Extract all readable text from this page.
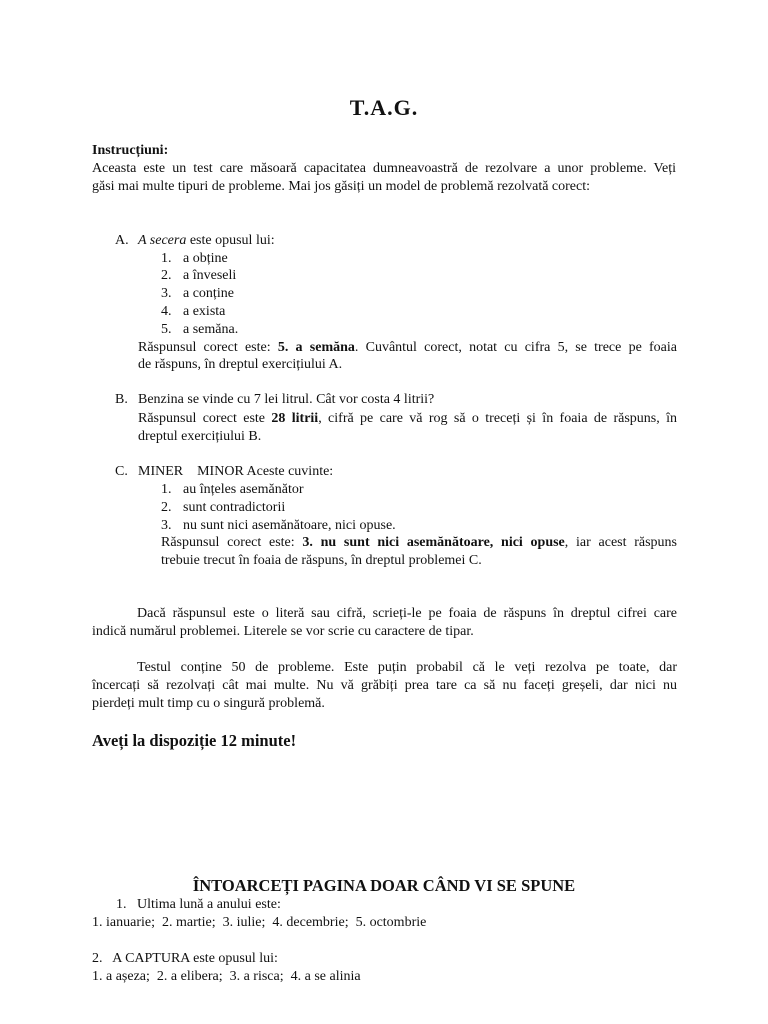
T.A.G.
Instrucțiuni:
Aceasta este un test care măsoară capacitatea dumneavoastră de rezolvare a unor probleme. Veți
găsi mai multe tipuri de probleme. Mai jos găsiți un model de problemă rezolvată corect:
A. A secera este opusul lui:
1. a obține
2. a înveseli
3. a conține
4. a exista
5. a semăna.
Răspunsul corect este: 5. a semăna. Cuvântul corect, notat cu cifra 5, se trece pe foaia
de răspuns, în dreptul exercițiului A.
B. Benzina se vinde cu 7 lei litrul. Cât vor costa 4 litrii?
Răspunsul corect este 28 litrii, cifră pe care vă rog să o treceți și în foaia de răspuns, în
dreptul exercițiului B.
C. MINER    MINOR Aceste cuvinte:
1. au înțeles asemănător
2. sunt contradictorii
3. nu sunt nici asemănătoare, nici opuse.
Răspunsul corect este: 3. nu sunt nici asemănătoare, nici opuse, iar acest răspuns
trebuie trecut în foaia de răspuns, în dreptul problemei C.
Dacă răspunsul este o literă sau cifră, scrieți-le pe foaia de răspuns în dreptul cifrei care
indică numărul problemei. Literele se vor scrie cu caractere de tipar.
Testul conține 50 de probleme. Este puțin probabil că le veți rezolva pe toate, dar
încercați să rezolvați cât mai multe. Nu vă grăbiți prea tare ca să nu faceți greșeli, dar nici nu
pierdeți mult timp cu o singură problemă.
Aveți la dispoziție 12 minute!
ÎNTOARCEȚI PAGINA DOAR CÂND VI SE SPUNE
1.   Ultima lună a anului este:
1. ianuarie;  2. martie;  3. iulie;  4. decembrie;  5. octombrie
2.   A CAPTURA este opusul lui:
1. a așeza;  2. a elibera;  3. a risca;  4. a se alinia
